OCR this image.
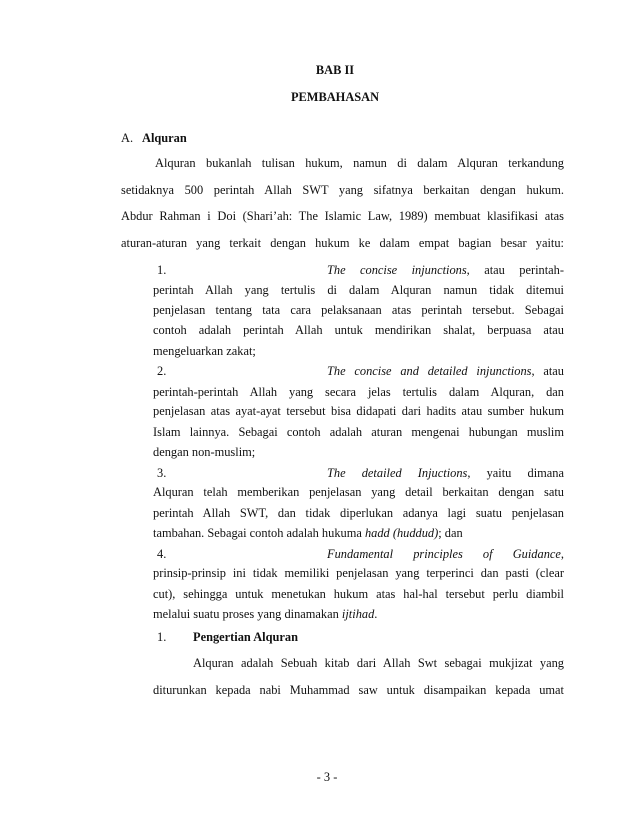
BAB II
PEMBAHASAN
A. Alquran
Alquran bukanlah tulisan hukum, namun di dalam Alquran terkandung
setidaknya 500 perintah Allah SWT yang sifatnya berkaitan dengan hukum.
Abdur Rahman i Doi (Shari’ah: The Islamic Law, 1989) membuat klasifikasi atas
aturan-aturan yang terkait dengan hukum ke dalam empat bagian besar yaitu:
1.	The concise injunctions, atau perintah-
perintah Allah yang tertulis di dalam Alquran namun tidak ditemui
penjelasan tentang tata cara pelaksanaan atas perintah tersebut. Sebagai
contoh adalah perintah Allah untuk mendirikan shalat, berpuasa atau
mengeluarkan zakat;
2.	The concise and detailed injunctions, atau
perintah-perintah Allah yang secara jelas tertulis dalam Alquran, dan
penjelasan atas ayat-ayat tersebut bisa didapati dari hadits atau sumber hukum
Islam lainnya. Sebagai contoh adalah aturan mengenai hubungan muslim
dengan non-muslim;
3.	The detailed Injuctions, yaitu dimana
Alquran telah memberikan penjelasan yang detail berkaitan dengan satu
perintah Allah SWT, dan tidak diperlukan adanya lagi suatu penjelasan
tambahan. Sebagai contoh adalah hukuma hadd (huddud); dan
4.	Fundamental principles of Guidance,
prinsip-prinsip ini tidak memiliki penjelasan yang terperinci dan pasti (clear
cut), sehingga untuk menetukan hukum atas hal-hal tersebut perlu diambil
melalui suatu proses yang dinamakan ijtihad.
1. Pengertian Alquran
Alquran adalah Sebuah kitab dari Allah Swt sebagai mukjizat yang
diturunkan kepada nabi Muhammad saw untuk disampaikan kepada umat
- 3 -
